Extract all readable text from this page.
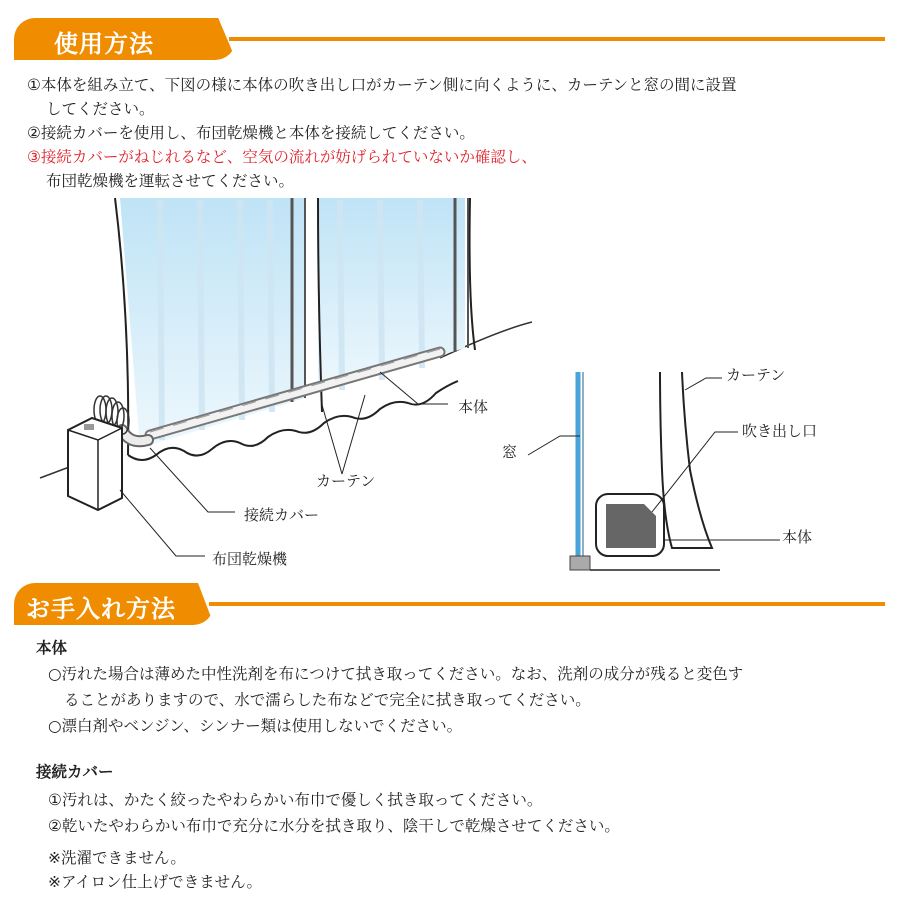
使用方法
①本体を組み立て、下図の様に本体の吹き出し口がカーテン側に向くように、カーテンと窓の間に設置
してください。
②接続カバーを使用し、布団乾燥機と本体を接続してください。
③接続カバーがねじれるなど、空気の流れが妨げられていないか確認し、
布団乾燥機を運転させてください。
本体
カーテン
接続カバー
布団乾燥機
カーテン
吹き出し口
窓
本体
お手入れ方法
本体
○汚れた場合は薄めた中性洗剤を布につけて拭き取ってください。なお、洗剤の成分が残ると変色す
ることがありますので、水で濡らした布などで完全に拭き取ってください。
○漂白剤やベンジン、シンナー類は使用しないでください。
接続カバー
①汚れは、かたく絞ったやわらかい布巾で優しく拭き取ってください。
②乾いたやわらかい布巾で充分に水分を拭き取り、陰干しで乾燥させてください。
※洗濯できません。
※アイロン仕上げできません。
